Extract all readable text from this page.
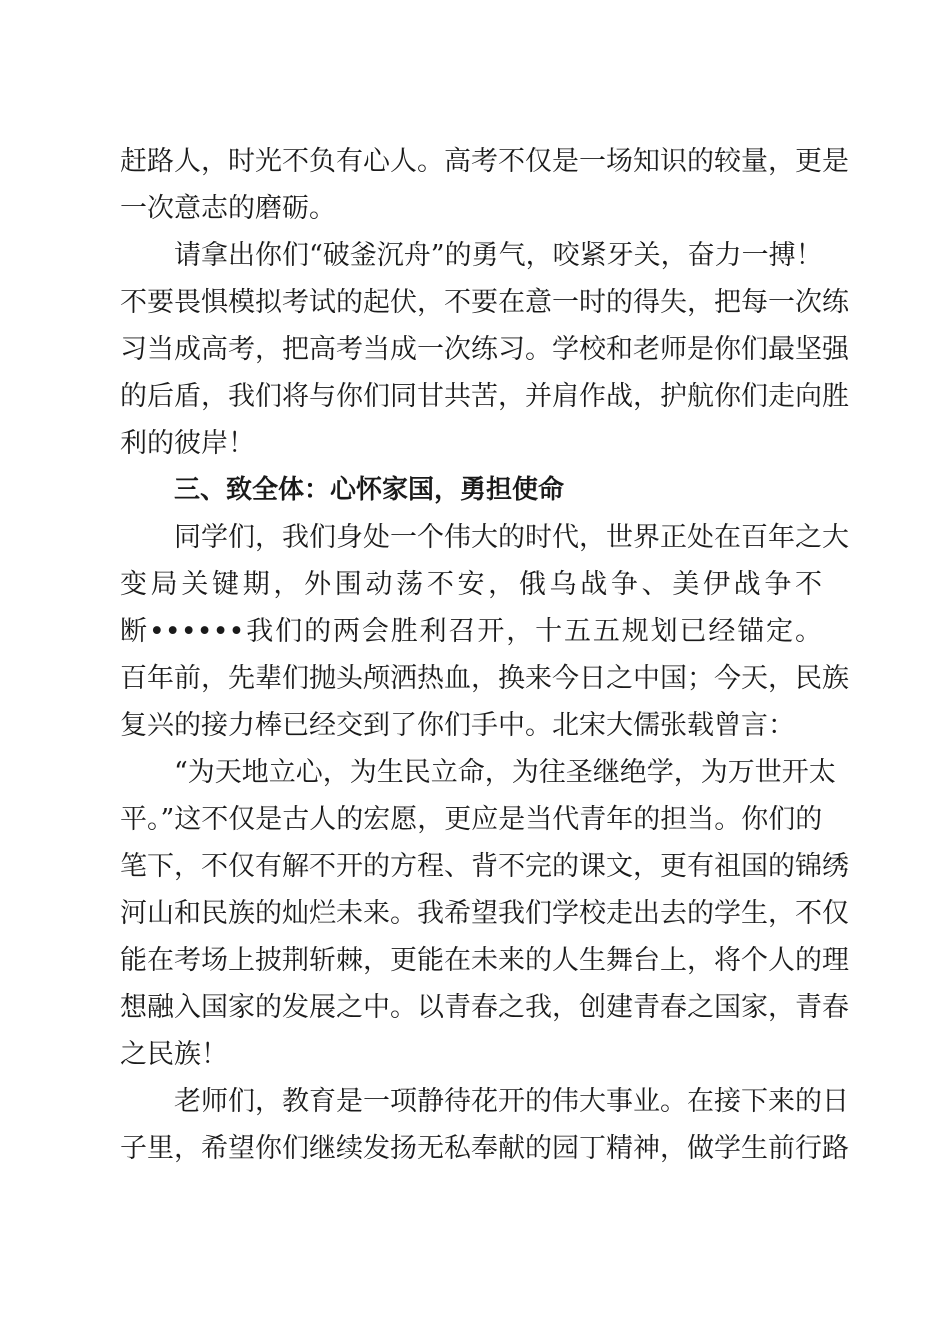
赶路人，时光不负有心人。高考不仅是一场知识的较量，更是
一次意志的磨砺。
请拿出你们“破釜沉舟”的勇气，咬紧牙关，奋力一搏！
不要畏惧模拟考试的起伏，不要在意一时的得失，把每一次练
习当成高考，把高考当成一次练习。学校和老师是你们最坚强
的后盾，我们将与你们同甘共苦，并肩作战，护航你们走向胜
利的彼岸！
三、致全体：心怀家国，勇担使命
同学们，我们身处一个伟大的时代，世界正处在百年之大
变局关键期，外围动荡不安，俄乌战争、美伊战争不
断••••••我们的两会胜利召开，十五五规划已经锚定。
百年前，先辈们抛头颅洒热血，换来今日之中国；今天，民族
复兴的接力棒已经交到了你们手中。北宋大儒张载曾言：
“为天地立心，为生民立命，为往圣继绝学，为万世开太
平。”这不仅是古人的宏愿，更应是当代青年的担当。你们的
笔下，不仅有解不开的方程、背不完的课文，更有祖国的锦绣
河山和民族的灿烂未来。我希望我们学校走出去的学生，不仅
能在考场上披荆斩棘，更能在未来的人生舞台上，将个人的理
想融入国家的发展之中。以青春之我，创建青春之国家，青春
之民族！
老师们，教育是一项静待花开的伟大事业。在接下来的日
子里，希望你们继续发扬无私奉献的园丁精神，做学生前行路
